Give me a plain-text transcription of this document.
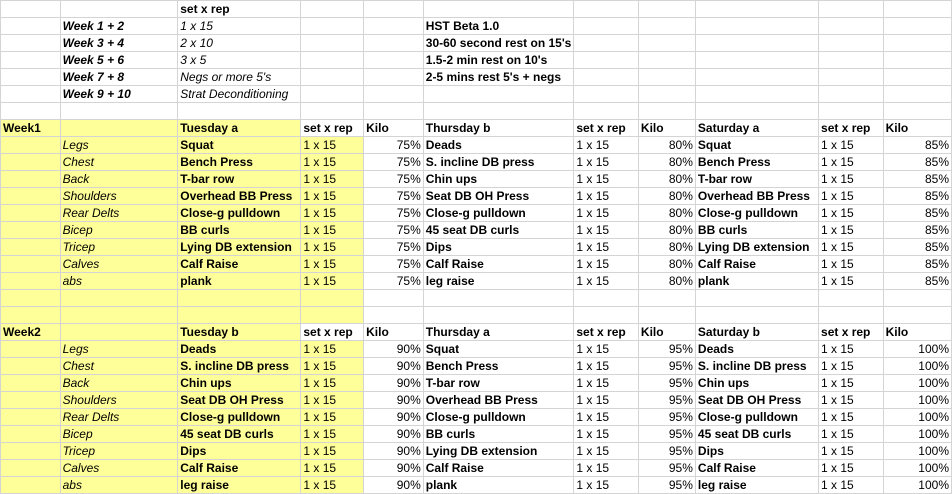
		set x rep								
	Week 1 + 2	1 x 15			HST Beta 1.0					
	Week 3 + 4	2 x 10			30-60 second rest on 15's					
	Week 5 + 6	3 x 5			1.5-2 min rest on 10's					
	Week 7 + 8	Negs or more 5's			2-5 mins rest 5's + negs					
	Week 9 + 10	Strat Deconditioning								

Week1		Tuesday a	set x rep	Kilo	Thursday b	set x rep	Kilo	Saturday a	set x rep	Kilo
	Legs	Squat	1 x 15	75%	Deads	1 x 15	80%	Squat	1 x 15	85%
	Chest	Bench Press	1 x 15	75%	S. incline DB press	1 x 15	80%	Bench Press	1 x 15	85%
	Back	T-bar row	1 x 15	75%	Chin ups	1 x 15	80%	T-bar row	1 x 15	85%
	Shoulders	Overhead BB Press	1 x 15	75%	Seat DB OH Press	1 x 15	80%	Overhead BB Press	1 x 15	85%
	Rear Delts	Close-g pulldown	1 x 15	75%	Close-g pulldown	1 x 15	80%	Close-g pulldown	1 x 15	85%
	Bicep	BB curls	1 x 15	75%	45 seat DB curls	1 x 15	80%	BB curls	1 x 15	85%
	Tricep	Lying DB extension	1 x 15	75%	Dips	1 x 15	80%	Lying DB extension	1 x 15	85%
	Calves	Calf Raise	1 x 15	75%	Calf Raise	1 x 15	80%	Calf Raise	1 x 15	85%
	abs	plank	1 x 15	75%	leg raise	1 x 15	80%	plank	1 x 15	85%

Week2		Tuesday b	set x rep	Kilo	Thursday a	set x rep	Kilo	Saturday b	set x rep	Kilo
	Legs	Deads	1 x 15	90%	Squat	1 x 15	95%	Deads	1 x 15	100%
	Chest	S. incline DB press	1 x 15	90%	Bench Press	1 x 15	95%	S. incline DB press	1 x 15	100%
	Back	Chin ups	1 x 15	90%	T-bar row	1 x 15	95%	Chin ups	1 x 15	100%
	Shoulders	Seat DB OH Press	1 x 15	90%	Overhead BB Press	1 x 15	95%	Seat DB OH Press	1 x 15	100%
	Rear Delts	Close-g pulldown	1 x 15	90%	Close-g pulldown	1 x 15	95%	Close-g pulldown	1 x 15	100%
	Bicep	45 seat DB curls	1 x 15	90%	BB curls	1 x 15	95%	45 seat DB curls	1 x 15	100%
	Tricep	Dips	1 x 15	90%	Lying DB extension	1 x 15	95%	Dips	1 x 15	100%
	Calves	Calf Raise	1 x 15	90%	Calf Raise	1 x 15	95%	Calf Raise	1 x 15	100%
	abs	leg raise	1 x 15	90%	plank	1 x 15	95%	leg raise	1 x 15	100%
